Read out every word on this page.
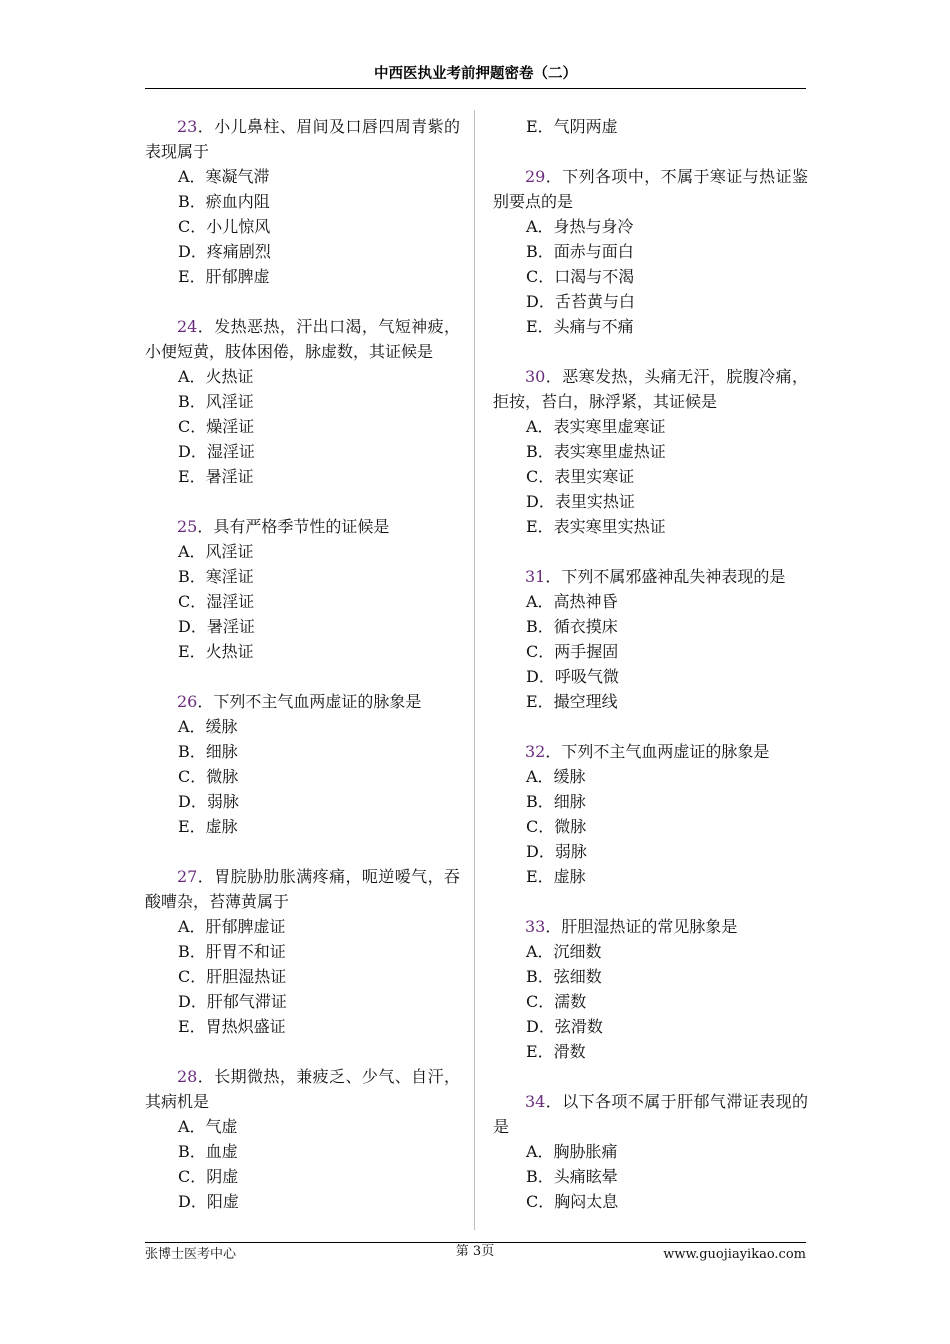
中西医执业考前押题密卷（二）

23．小儿鼻柱、眉间及口唇四周青紫的表现属于

A．寒凝气滞
B．瘀血内阻
C．小儿惊风
D．疼痛剧烈
E．肝郁脾虚

24．发热恶热，汗出口渴，气短神疲，小便短黄，肢体困倦，脉虚数，其证候是

A．火热证
B．风淫证
C．燥淫证
D．湿淫证
E．暑淫证

25．具有严格季节性的证候是

A．风淫证
B．寒淫证
C．湿淫证
D．暑淫证
E．火热证

26．下列不主气血两虚证的脉象是

A．缓脉
B．细脉
C．微脉
D．弱脉
E．虚脉

27．胃脘胁肋胀满疼痛，呃逆嗳气，吞酸嘈杂，苔薄黄属于

A．肝郁脾虚证
B．肝胃不和证
C．肝胆湿热证
D．肝郁气滞证
E．胃热炽盛证

28．长期微热，兼疲乏、少气、自汗，其病机是

A．气虚
B．血虚
C．阴虚
D．阳虚
E．气阴两虚

29．下列各项中，不属于寒证与热证鉴别要点的是

A．身热与身冷
B．面赤与面白
C．口渴与不渴
D．舌苔黄与白
E．头痛与不痛

30．恶寒发热，头痛无汗，脘腹冷痛，拒按，苔白，脉浮紧，其证候是

A．表实寒里虚寒证
B．表实寒里虚热证
C．表里实寒证
D．表里实热证
E．表实寒里实热证

31．下列不属邪盛神乱失神表现的是

A．高热神昏
B．循衣摸床
C．两手握固
D．呼吸气微
E．撮空理线

32．下列不主气血两虚证的脉象是

A．缓脉
B．细脉
C．微脉
D．弱脉
E．虚脉

33．肝胆湿热证的常见脉象是

A．沉细数
B．弦细数
C．濡数
D．弦滑数
E．滑数

34．以下各项不属于肝郁气滞证表现的是

A．胸胁胀痛
B．头痛眩晕
C．胸闷太息
张博士医考中心	第 3页	www.guojiayikao.com
